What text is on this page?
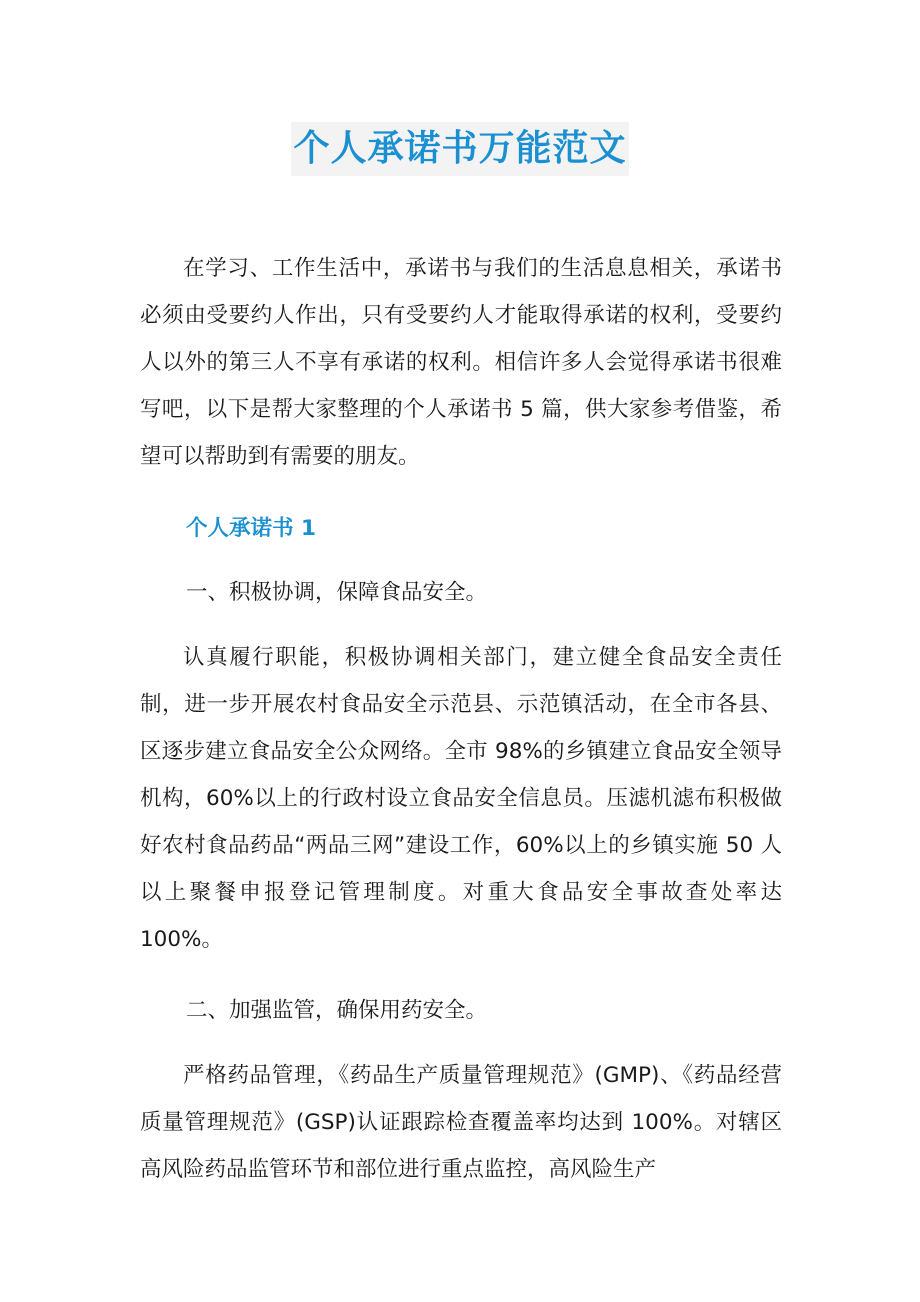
个人承诺书万能范文

在学习、工作生活中，承诺书与我们的生活息息相关，承诺书必须由受要约人作出，只有受要约人才能取得承诺的权利，受要约人以外的第三人不享有承诺的权利。相信许多人会觉得承诺书很难写吧，以下是帮大家整理的个人承诺书 5 篇，供大家参考借鉴，希望可以帮助到有需要的朋友。

个人承诺书 1
一、积极协调，保障食品安全。

认真履行职能，积极协调相关部门，建立健全食品安全责任制，进一步开展农村食品安全示范县、示范镇活动，在全市各县、区逐步建立食品安全公众网络。全市 98%的乡镇建立食品安全领导机构，60%以上的行政村设立食品安全信息员。压滤机滤布积极做好农村食品药品“两品三网”建设工作，60%以上的乡镇实施 50 人以上聚餐申报登记管理制度。对重大食品安全事故查处率达 100%。

二、加强监管，确保用药安全。

严格药品管理，《药品生产质量管理规范》(GMP)、《药品经营质量管理规范》(GSP)认证跟踪检查覆盖率均达到 100%。对辖区高风险药品监管环节和部位进行重点监控，高风险生产
